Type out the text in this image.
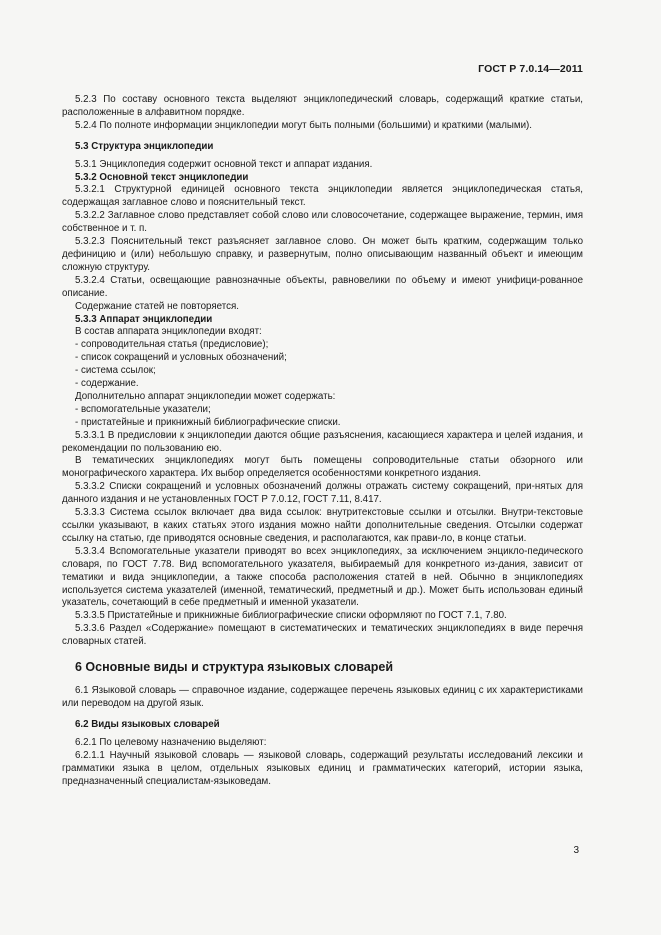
ГОСТ Р 7.0.14—2011
5.2.3 По составу основного текста выделяют энциклопедический словарь, содержащий краткие статьи, расположенные в алфавитном порядке.
5.2.4 По полноте информации энциклопедии могут быть полными (большими) и краткими (малыми).
5.3 Структура энциклопедии
5.3.1 Энциклопедия содержит основной текст и аппарат издания.
5.3.2 Основной текст энциклопедии
5.3.2.1 Структурной единицей основного текста энциклопедии является энциклопедическая статья, содержащая заглавное слово и пояснительный текст.
5.3.2.2 Заглавное слово представляет собой слово или словосочетание, содержащее выражение, термин, имя собственное и т. п.
5.3.2.3 Пояснительный текст разъясняет заглавное слово. Он может быть кратким, содержащим только дефиницию и (или) небольшую справку, и развернутым, полно описывающим названный объект и имеющим сложную структуру.
5.3.2.4 Статьи, освещающие равнозначные объекты, равновелики по объему и имеют унифици-рованное описание.
Содержание статей не повторяется.
5.3.3 Аппарат энциклопедии
В состав аппарата энциклопедии входят:
- сопроводительная статья (предисловие);
- список сокращений и условных обозначений;
- система ссылок;
- содержание.
Дополнительно аппарат энциклопедии может содержать:
- вспомогательные указатели;
- пристатейные и прикнижный библиографические списки.
5.3.3.1 В предисловии к энциклопедии даются общие разъяснения, касающиеся характера и целей издания, и рекомендации по пользованию ею.
В тематических энциклопедиях могут быть помещены сопроводительные статьи обзорного или монографического характера. Их выбор определяется особенностями конкретного издания.
5.3.3.2 Списки сокращений и условных обозначений должны отражать систему сокращений, при-нятых для данного издания и не установленных ГОСТ Р 7.0.12, ГОСТ 7.11, 8.417.
5.3.3.3 Система ссылок включает два вида ссылок: внутритекстовые ссылки и отсылки. Внутри-текстовые ссылки указывают, в каких статьях этого издания можно найти дополнительные сведения. Отсылки содержат ссылку на статью, где приводятся основные сведения, и располагаются, как прави-ло, в конце статьи.
5.3.3.4 Вспомогательные указатели приводят во всех энциклопедиях, за исключением энцикло-педического словаря, по ГОСТ 7.78. Вид вспомогательного указателя, выбираемый для конкретного из-дания, зависит от тематики и вида энциклопедии, а также способа расположения статей в ней. Обычно в энциклопедиях используется система указателей (именной, тематический, предметный и др.). Может быть использован единый указатель, сочетающий в себе предметный и именной указатели.
5.3.3.5 Пристатейные и прикнижные библиографические списки оформляют по ГОСТ 7.1, 7.80.
5.3.3.6 Раздел «Содержание» помещают в систематических и тематических энциклопедиях в виде перечня словарных статей.
6 Основные виды и структура языковых словарей
6.1 Языковой словарь — справочное издание, содержащее перечень языковых единиц с их характеристиками или переводом на другой язык.
6.2 Виды языковых словарей
6.2.1 По целевому назначению выделяют:
6.2.1.1 Научный языковой словарь — языковой словарь, содержащий результаты исследований лексики и грамматики языка в целом, отдельных языковых единиц и грамматических категорий, истории языка, предназначенный специалистам-языковедам.
3
